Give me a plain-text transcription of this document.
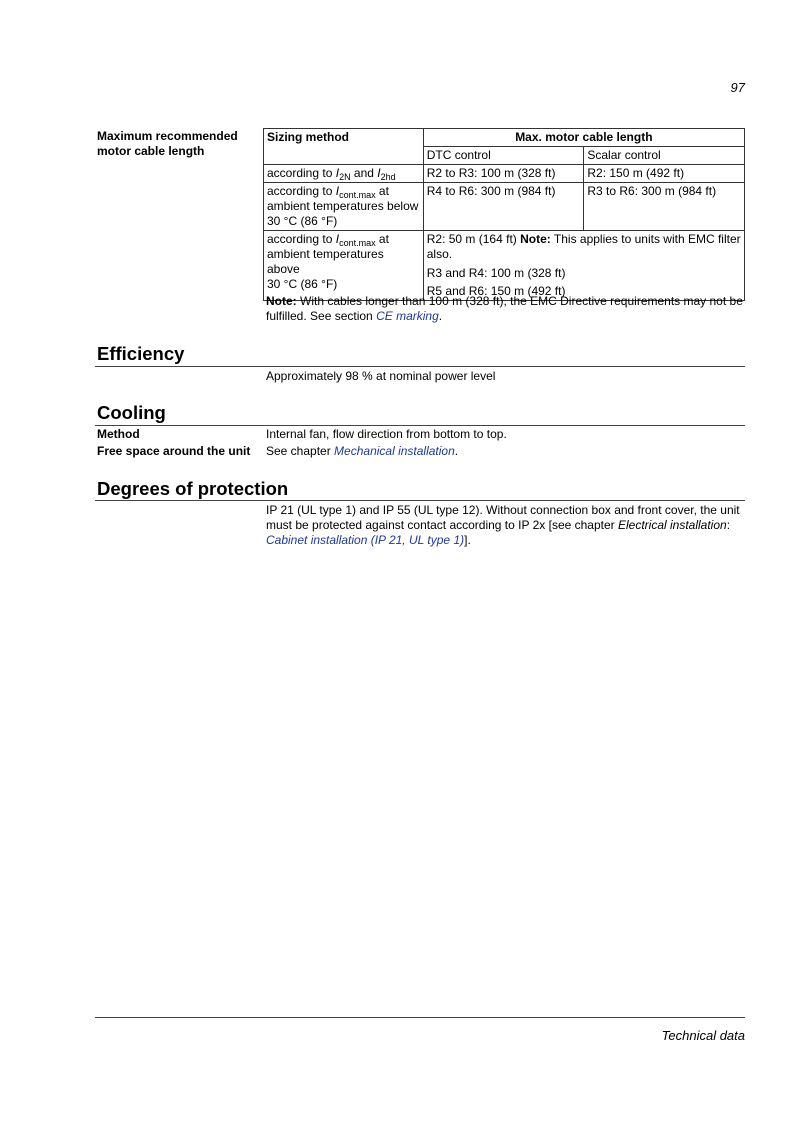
97
Maximum recommended
motor cable length
Sizing method	Max. motor cable length	
	DTC control	Scalar control
according to $I_{2N}$ and $I_{2hd}$	R2 to R3: 100 m (328 ft)	R2: 150 m (492 ft)

according to $I_{cont.max}$ at
ambient temperatures below
30 °C (86 °F)	R4 to R6: 300 m (984 ft)	R3 to R6: 300 m (984 ft)

according to $I_{cont.max}$ at
ambient temperatures above
30 °C (86 °F)	R2: 50 m (164 ft) Note: This applies to units with EMC filter also.	
	R3 and R4: 100 m (328 ft)	
	R5 and R6: 150 m (492 ft)	
Note: With cables longer than 100 m (328 ft), the EMC Directive requirements may not be fulfilled. See section CE marking.
Efficiency
Approximately 98 % at nominal power level
Cooling
Method	Internal fan, flow direction from bottom to top.
Free space around the unit See chapter Mechanical installation.
Degrees of protection
IP 21 (UL type 1) and IP 55 (UL type 12). Without connection box and front cover, the unit must be protected against contact according to IP 2x [see chapter Electrical installation: Cabinet installation (IP 21, UL type 1)].
Technical data
